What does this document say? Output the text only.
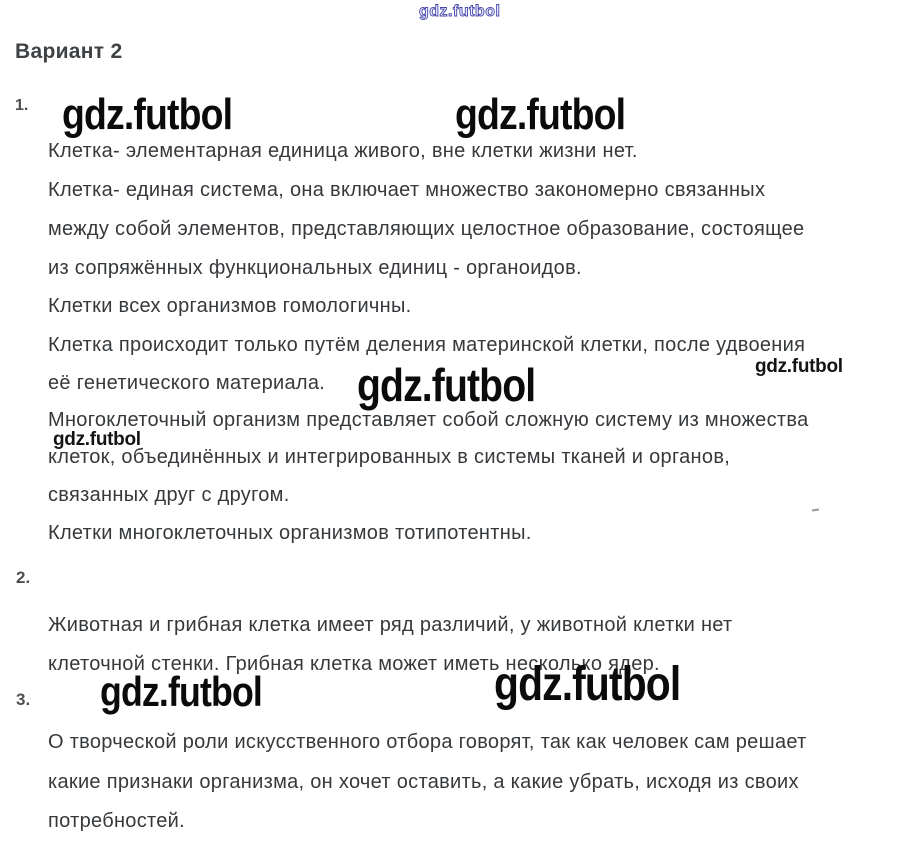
gdz.futbol
Вариант 2
1. gdz.futbol	gdz.futbol
Клетка- элементарная единица живого, вне клетки жизни нет.
Клетка- единая система, она включает множество закономерно связанных
между собой элементов, представляющих целостное образование, состоящее
из сопряжённых функциональных единиц - органоидов.
Клетки всех организмов гомологичны.
Клетка происходит только путём деления материнской клетки, после удвоения
её генетического материала. gdz.futbol	gdz.futbol
Многоклеточный организм представляет собой сложную систему из множества
gdz.futbol
клеток, объединённых и интегрированных в системы тканей и органов,
связанных друг с другом.
Клетки многоклеточных организмов тотипотентны.
2.
Животная и грибная клетка имеет ряд различий, у животной клетки нет
клеточной стенки. Грибная клетка может иметь несколько ядер.
3. gdz.futbol	gdz.futbol
О творческой роли искусственного отбора говорят, так как человек сам решает
какие признаки организма, он хочет оставить, а какие убрать, исходя из своих
потребностей.
